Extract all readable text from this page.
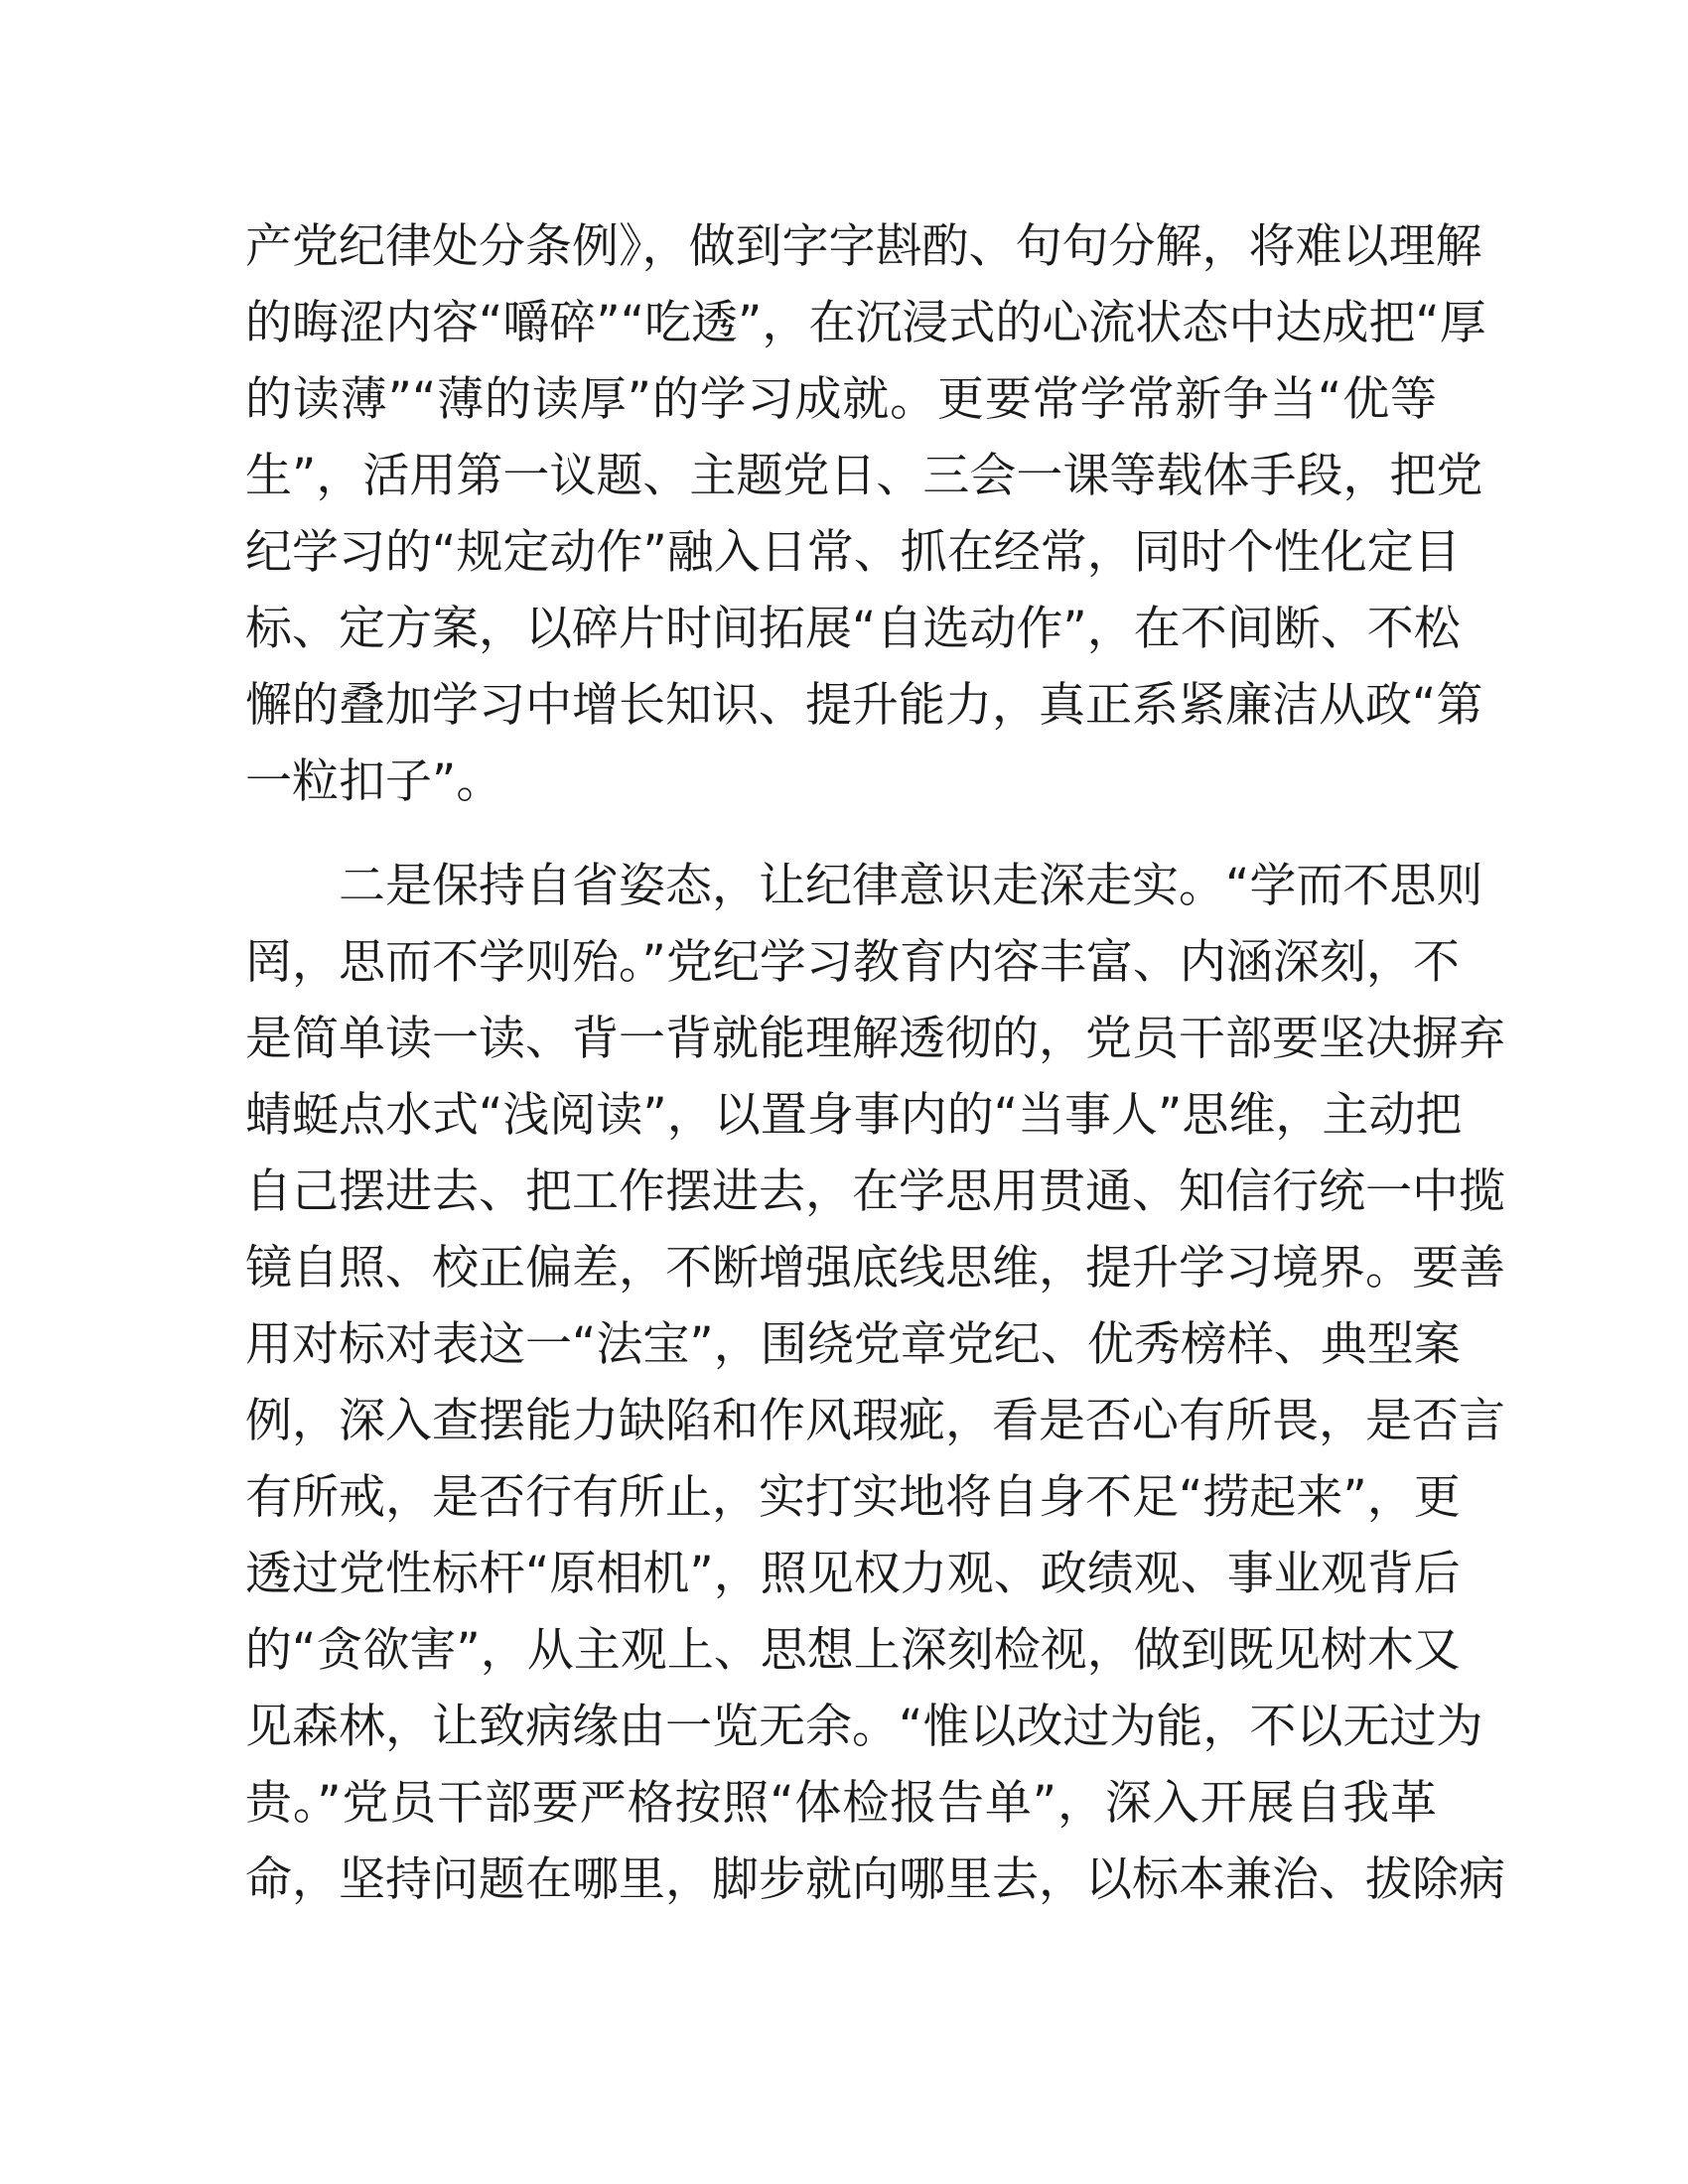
产党纪律处分条例》，做到字字斟酌、句句分解，将难以理解
的晦涩内容“嚼碎”“吃透”，在沉浸式的心流状态中达成把“厚
的读薄”“薄的读厚”的学习成就。更要常学常新争当“优等
生”，活用第一议题、主题党日、三会一课等载体手段，把党
纪学习的“规定动作”融入日常、抓在经常，同时个性化定目
标、定方案，以碎片时间拓展“自选动作”，在不间断、不松
懈的叠加学习中增长知识、提升能力，真正系紧廉洁从政“第
一粒扣子”。
　　二是保持自省姿态，让纪律意识走深走实。“学而不思则
罔，思而不学则殆。”党纪学习教育内容丰富、内涵深刻，不
是简单读一读、背一背就能理解透彻的，党员干部要坚决摒弃
蜻蜓点水式“浅阅读”，以置身事内的“当事人”思维，主动把
自己摆进去、把工作摆进去，在学思用贯通、知信行统一中揽
镜自照、校正偏差，不断增强底线思维，提升学习境界。要善
用对标对表这一“法宝”，围绕党章党纪、优秀榜样、典型案
例，深入查摆能力缺陷和作风瑕疵，看是否心有所畏，是否言
有所戒，是否行有所止，实打实地将自身不足“捞起来”，更
透过党性标杆“原相机”，照见权力观、政绩观、事业观背后
的“贪欲害”，从主观上、思想上深刻检视，做到既见树木又
见森林，让致病缘由一览无余。“惟以改过为能，不以无过为
贵。”党员干部要严格按照“体检报告单”，深入开展自我革
命，坚持问题在哪里，脚步就向哪里去，以标本兼治、拔除病
